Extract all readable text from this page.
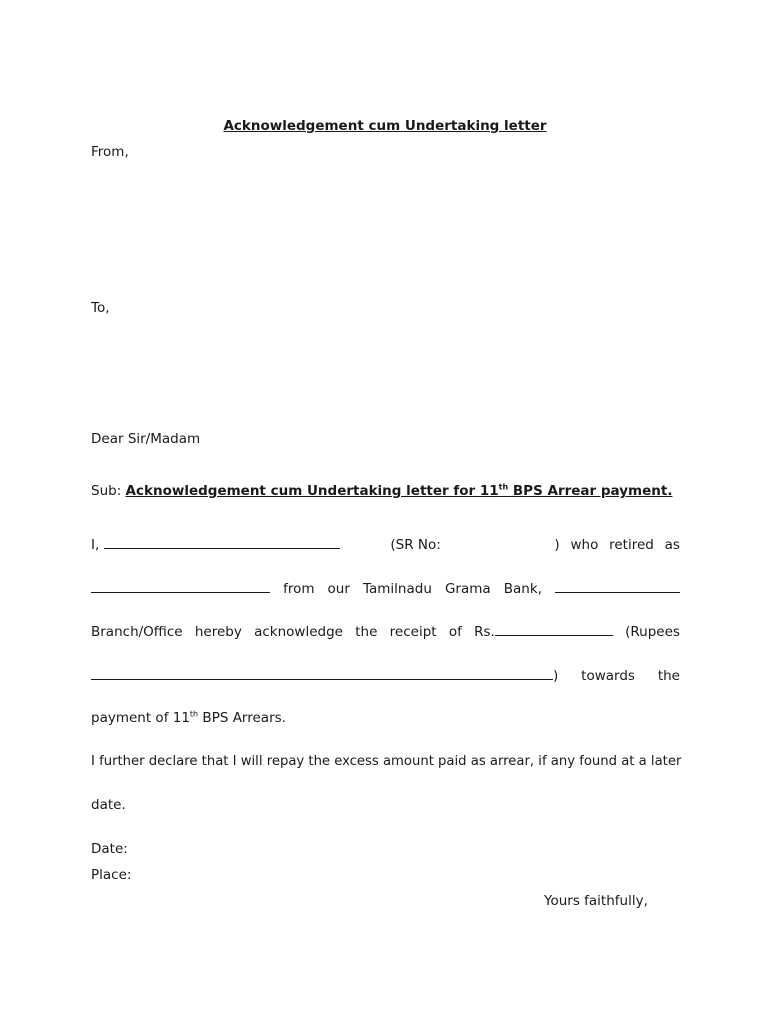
Acknowledgement cum Undertaking letter
From,
To,
Dear Sir/Madam
Sub: Acknowledgement cum Undertaking letter for 11th BPS Arrear payment.
I,	(SR No:	) who retired as
from our Tamilnadu Grama Bank,
Branch/Office hereby acknowledge the receipt of Rs.	(Rupees
) towards the
payment of 11th BPS Arrears.
I further declare that I will repay the excess amount paid as arrear, if any found at a later
date.
Date:
Place:
Yours faithfully,
